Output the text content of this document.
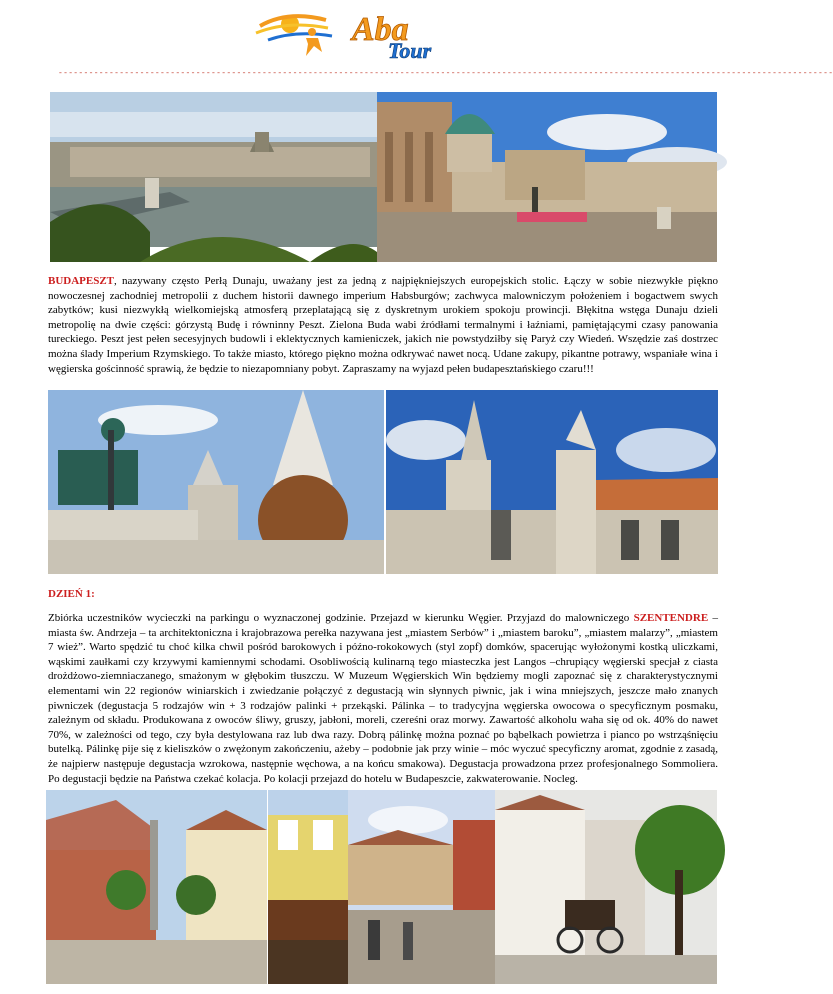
Aba
Tour
--------------------------------------------------------------------------------------------------------------------------------------------------------
BUDAPESZT, nazywany często Perłą Dunaju, uważany jest za jedną z najpiękniejszych europejskich stolic. Łączy w sobie niezwykłe piękno nowoczesnej zachodniej metropolii z duchem historii dawnego imperium Habsburgów; zachwyca malowniczym położeniem i bogactwem swych zabytków; kusi niezwykłą wielkomiejską atmosferą przeplatającą się z dyskretnym urokiem spokoju prowincji. Błękitna wstęga Dunaju dzieli metropolię na dwie części: górzystą Budę i równinny Peszt. Zielona Buda wabi źródłami termalnymi i łaźniami, pamiętającymi czasy panowania tureckiego. Peszt jest pełen secesyjnych budowli i eklektycznych kamieniczek, jakich nie powstydziłby się Paryż czy Wiedeń. Wszędzie zaś dostrzec można ślady Imperium Rzymskiego. To także miasto, którego piękno można odkrywać nawet nocą. Udane zakupy, pikantne potrawy, wspaniałe wina i węgierska gościnność sprawią, że będzie to niezapomniany pobyt. Zapraszamy na wyjazd pełen budapesztańskiego czaru!!!
DZIEŃ 1:
Zbiórka uczestników wycieczki na parkingu o wyznaczonej godzinie. Przejazd w kierunku Węgier. Przyjazd do malowniczego SZENTENDRE – miasta św. Andrzeja – ta architektoniczna i krajobrazowa perełka nazywana jest „miastem Serbów” i „miastem baroku”, „miastem malarzy”, „miastem 7 wież”. Warto spędzić tu choć kilka chwil pośród barokowych i późno-rokokowych (styl zopf) domków, spacerując wyłożonymi kostką uliczkami, wąskimi zaułkami czy krzywymi kamiennymi schodami. Osobliwością kulinarną tego miasteczka jest Langos –chrupiący węgierski specjał z ciasta drożdżowo-ziemniaczanego, smażonym w głębokim tłuszczu. W Muzeum Węgierskich Win będziemy mogli zapoznać się z charakterystycznymi elementami win 22 regionów winiarskich i zwiedzanie połączyć z degustacją win słynnych piwnic, jak i wina mniejszych, jeszcze mało znanych piwniczek (degustacja 5 rodzajów win + 3 rodzajów palinki + przekąski. Pálinka – to tradycyjna węgierska owocowa o specyficznym posmaku, zależnym od składu. Produkowana z owoców śliwy, gruszy, jabłoni, moreli, czereśni oraz morwy. Zawartość alkoholu waha się od ok. 40% do nawet 70%, w zależności od tego, czy była destylowana raz lub dwa razy. Dobrą pálinkę można poznać po bąbelkach powietrza i pianco po wstrząśnięciu butelką. Pálinkę pije się z kieliszków o zwężonym zakończeniu, ażeby – podobnie jak przy winie – móc wyczuć specyficzny aromat, zgodnie z zasadą, że najpierw następuje degustacja wzrokowa, następnie węchowa, a na końcu smakowa). Degustacja prowadzona przez profesjonalnego Sommoliera. Po degustacji będzie na Państwa czekać kolacja. Po kolacji przejazd do hotelu w Budapeszcie, zakwaterowanie. Nocleg.
